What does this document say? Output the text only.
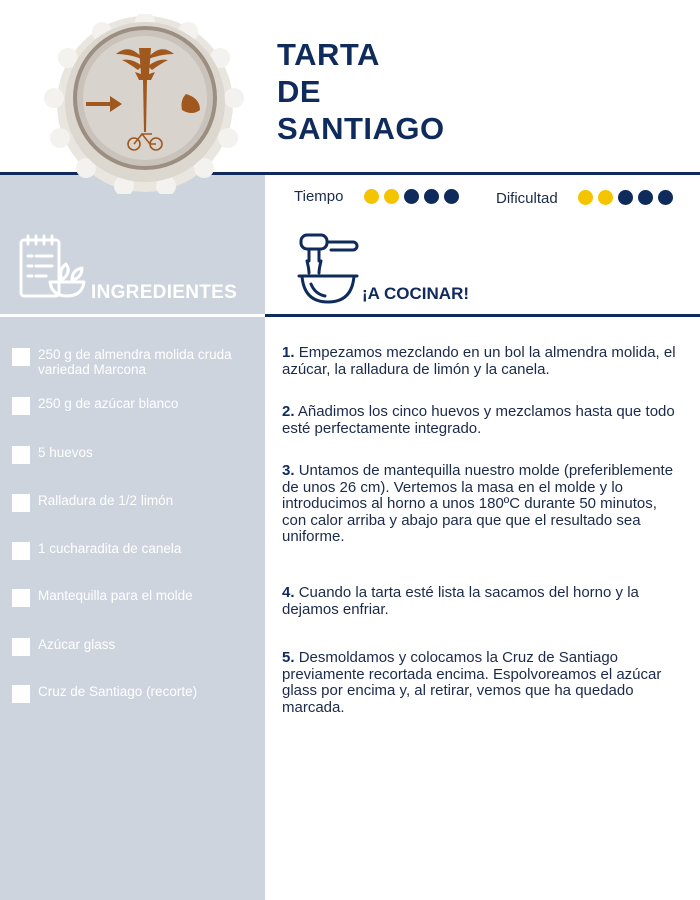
TARTA
DE
SANTIAGO
INGREDIENTES
250 g de almendra molida cruda variedad Marcona
250 g de azúcar blanco
5 huevos
Ralladura de 1/2 limón
1 cucharadita de canela
Mantequilla para el molde
Azúcar glass
Cruz de Santiago (recorte)
Tiempo	Dificultad
¡A COCINAR!
1. Empezamos mezclando en un bol la almendra molida, el azúcar, la ralladura de limón y la canela.
2. Añadimos los cinco huevos y mezclamos hasta que todo esté perfectamente integrado.
3. Untamos de mantequilla nuestro molde (preferiblemente de unos 26 cm). Vertemos la masa en el molde y lo introducimos al horno a unos 180ºC durante 50 minutos, con calor arriba y abajo para que que el resultado sea uniforme.
4. Cuando la tarta esté lista la sacamos del horno y la dejamos enfriar.
5. Desmoldamos y colocamos la Cruz de Santiago previamente recortada encima. Espolvoreamos el azúcar glass por encima y, al retirar, vemos que ha quedado marcada.
